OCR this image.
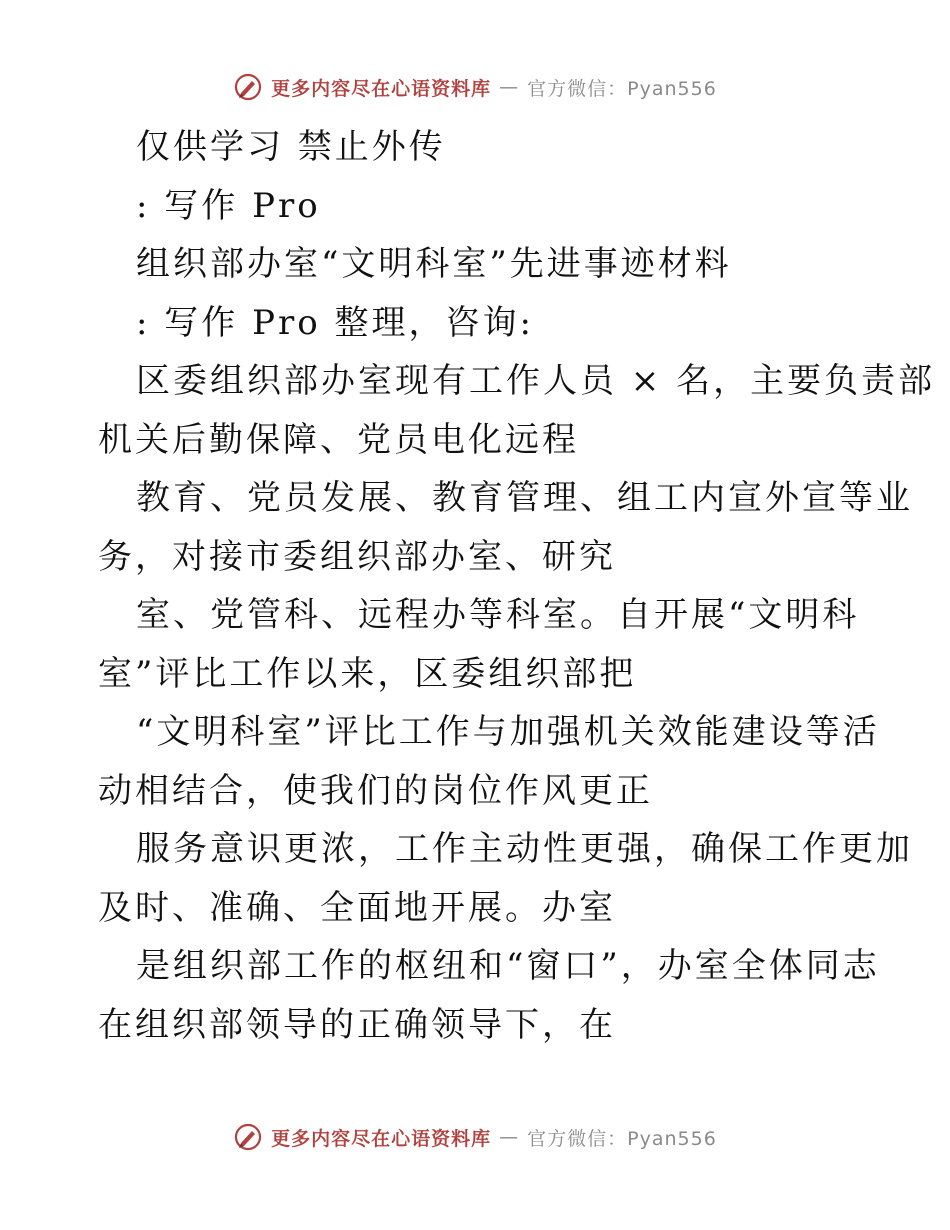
更多内容尽在心语资料库 — 官方微信：Pyan556
仅供学习 禁止外传
: 写作 Pro
组织部办室“文明科室”先进事迹材料
: 写作 Pro 整理，咨询:
区委组织部办室现有工作人员 × 名，主要负责部
机关后勤保障、党员电化远程
教育、党员发展、教育管理、组工内宣外宣等业
务，对接市委组织部办室、研究
室、党管科、远程办等科室。自开展“文明科
室”评比工作以来，区委组织部把
“文明科室”评比工作与加强机关效能建设等活
动相结合，使我们的岗位作风更正
服务意识更浓，工作主动性更强，确保工作更加
及时、准确、全面地开展。办室
是组织部工作的枢纽和“窗口”，办室全体同志
在组织部领导的正确领导下，在
更多内容尽在心语资料库 — 官方微信：Pyan556
